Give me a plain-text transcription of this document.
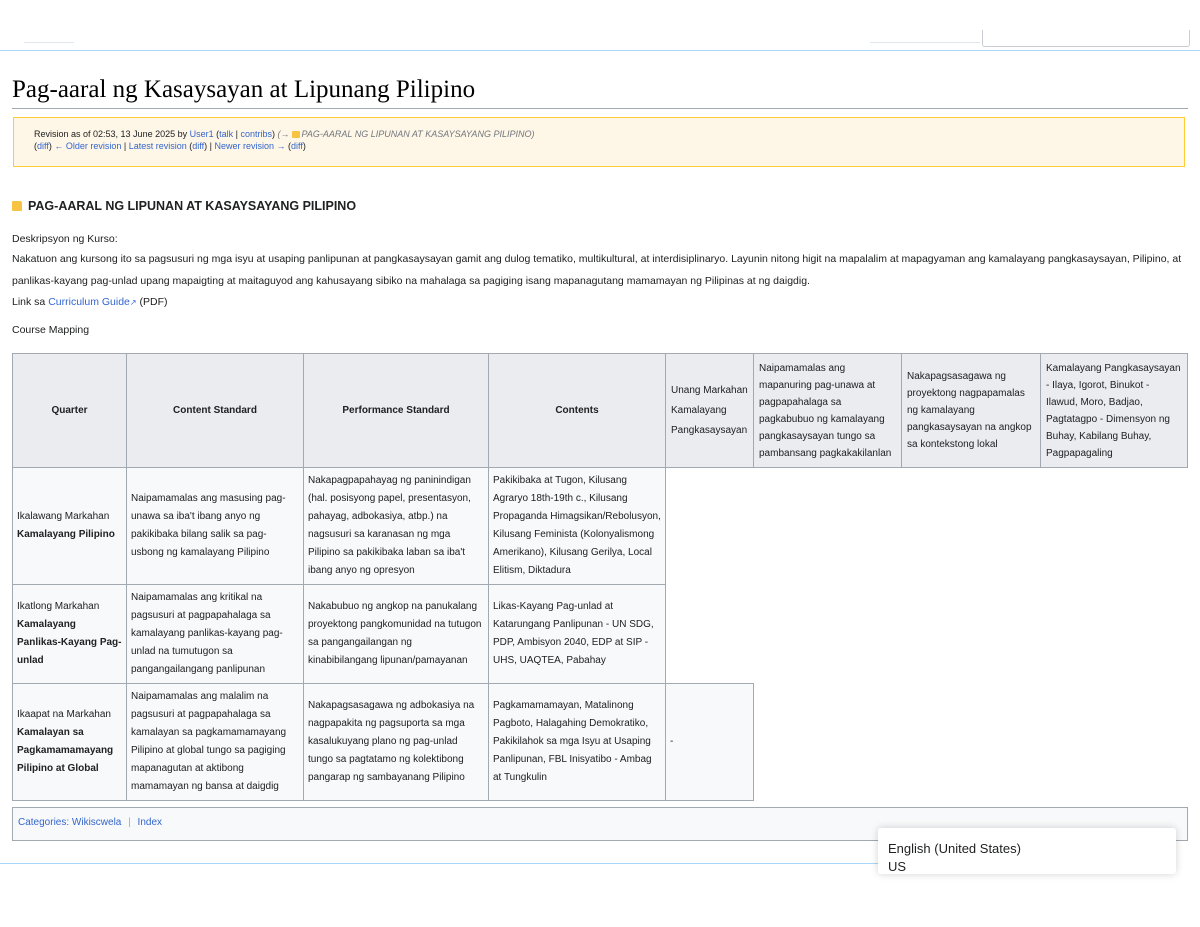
Pag-aaral ng Kasaysayan at Lipunang Pilipino
Revision as of 02:53, 13 June 2025 by User1 (talk | contribs) (→ PAG-AARAL NG LIPUNAN AT KASAYSAYANG PILIPINO)
(diff) ← Older revision | Latest revision (diff) | Newer revision → (diff)
PAG-AARAL NG LIPUNAN AT KASAYSAYANG PILIPINO

Deskripsyon ng Kurso:

Nakatuon ang kursong ito sa pagsusuri ng mga isyu at usaping panlipunan at pangkasaysayan gamit ang dulog tematiko, multikultural, at interdisiplinaryo. Layunin nitong higit na mapalalim at mapagyaman ang kamalayang pangkasaysayan, Pilipino, at panlikas-kayang pag-unlad upang mapaigting at maitaguyod ang kahusayang sibiko na mahalaga sa pagiging isang mapanagutang mamamayan ng Pilipinas at ng daigdig.

Link sa Curriculum Guide↗ (PDF)

Course Mapping

Quarter	Content Standard	Performance Standard	Contents	Unang Markahan Kamalayang Pangkasaysayan	Naipamamalas ang mapanuring pag-unawa at pagpapahalaga sa pagkabubuo ng kamalayang pangkasaysayan tungo sa pambansang pagkakakilanlan	Nakapagsasagawa ng proyektong nagpapamalas ng kamalayang pangkasaysayan na angkop sa kontekstong lokal	Kamalayang Pangkasaysayan - Ilaya, Igorot, Binukot - Ilawud, Moro, Badjao, Pagtatagpo - Dimensyon ng Buhay, Kabilang Buhay, Pagpapagaling

Ikalawang Markahan
Kamalayang Pilipino	Naipamamalas ang masusing pag-unawa sa iba't ibang anyo ng pakikibaka bilang salik sa pag-usbong ng kamalayang Pilipino	Nakapagpapahayag ng paninindigan (hal. posisyong papel, presentasyon, pahayag, adbokasiya, atbp.) na nagsusuri sa karanasan ng mga Pilipino sa pakikibaka laban sa iba't ibang anyo ng opresyon	Pakikibaka at Tugon, Kilusang Agraryo 18th-19th c., Kilusang Propaganda Himagsikan/Rebolusyon, Kilusang Feminista (Kolonyalismong Amerikano), Kilusang Gerilya, Local Elitism, Diktadura				

Ikatlong Markahan
Kamalayang Panlikas-Kayang Pag-unlad	Naipamamalas ang kritikal na pagsusuri at pagpapahalaga sa kamalayang panlikas-kayang pag-unlad na tumutugon sa pangangailangang panlipunan	Nakabubuo ng angkop na panukalang proyektong pangkomunidad na tutugon sa pangangailangan ng kinabibilangang lipunan/pamayanan	Likas-Kayang Pag-unlad at Katarungang Panlipunan - UN SDG, PDP, Ambisyon 2040, EDP at SIP - UHS, UAQTEA, Pabahay				

Ikaapat na Markahan
Kamalayan sa Pagkamamamayang Pilipino at Global	Naipamamalas ang malalim na pagsusuri at pagpapahalaga sa kamalayan sa pagkamamamayang Pilipino at global tungo sa pagiging mapanagutan at aktibong mamamayan ng bansa at daigdig	Nakapagsasagawa ng adbokasiya na nagpapakita ng pagsuporta sa mga kasalukuyang plano ng pag-unlad tungo sa pagtatamo ng kolektibong pangarap ng sambayanang Pilipino	Pagkamamamayan, Matalinong Pagboto, Halagahing Demokratiko, Pakikilahok sa mga Isyu at Usaping Panlipunan, FBL Inisyatibo - Ambag at Tungkulin	-			
Categories: Wikiscwela | Index
English (United States)
US
